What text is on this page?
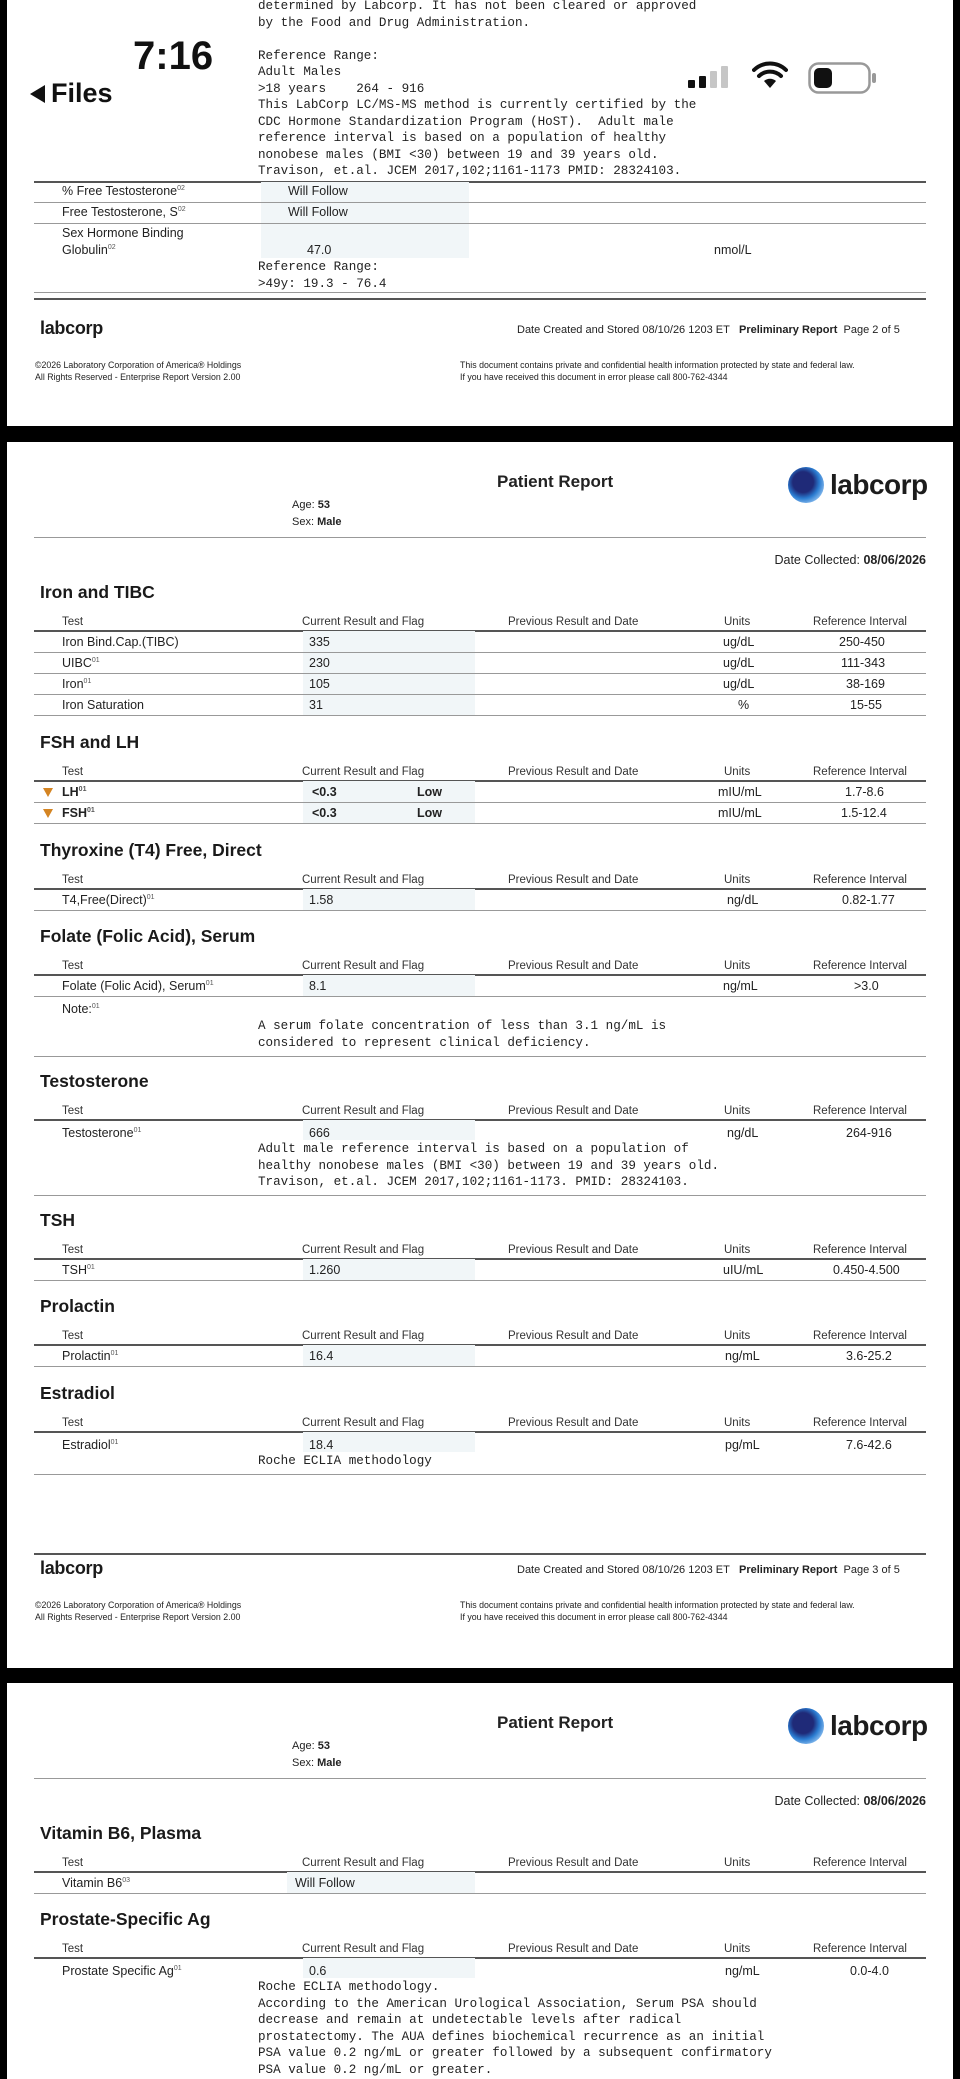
determined by Labcorp. It has not been cleared or approved
by the Food and Drug Administration.

Reference Range:
Adult Males
>18 years    264 - 916
This LabCorp LC/MS-MS method is currently certified by the
CDC Hormone Standardization Program (HoST).  Adult male
reference interval is based on a population of healthy
nonobese males (BMI <30) between 19 and 39 years old.
Travison, et.al. JCEM 2017,102;1161-1173 PMID: 28324103.
% Free Testosterone$^{02}$	Will Follow
Free Testosterone, $S^{02}$	Will Follow
Sex Hormone Binding
Globulin$^{02}$	47.0	nmol/L
Reference Range:
>49y: 19.3 - 76.4
labcorp	Date Created and Stored 08/10/26 1203 ET Preliminary Report Page 2 of 5
©2026 Laboratory Corporation of America® Holdings
All Rights Reserved - Enterprise Report Version 2.00
This document contains private and confidential health information protected by state and federal law.
If you have received this document in error please call 800-762-4344
7:16
Files
Patient Report	labcorp
Age: 53
Sex: Male
Date Collected: 08/06/2026
Iron and TIBC
Test	Current Result and Flag	Previous Result and Date	Units	Reference Interval
Iron Bind.Cap.(TIBC)	335	ug/dL	250-450
UIBC$^{01}$	230	ug/dL	111-343
Iron$^{01}$	105	ug/dL	38-169
Iron Saturation	31	%	15-55
FSH and LH
Test	Current Result and Flag	Previous Result and Date	Units	Reference Interval
$LH^{01}$	<0.3	Low	mIU/mL	1.7-8.6
$FSH^{01}$	<0.3	Low	mIU/mL	1.5-12.4
Thyroxine (T4) Free, Direct
Test	Current Result and Flag	Previous Result and Date	Units	Reference Interval
T4,Free(Direct)$^{01}$	1.58	ng/dL	0.82-1.77
Folate (Folic Acid), Serum
Test	Current Result and Flag	Previous Result and Date	Units	Reference Interval
Folate (Folic Acid), Serum$^{01}$	8.1	ng/mL	>3.0
Note:$^{01}$
A serum folate concentration of less than 3.1 ng/mL is
considered to represent clinical deficiency.
Testosterone
Test	Current Result and Flag	Previous Result and Date	Units	Reference Interval
Testosterone$^{01}$	666	ng/dL	264-916
Adult male reference interval is based on a population of
healthy nonobese males (BMI <30) between 19 and 39 years old.
Travison, et.al. JCEM 2017,102;1161-1173. PMID: 28324103.
TSH
Test	Current Result and Flag	Previous Result and Date	Units	Reference Interval
TSH$^{01}$	1.260	uIU/mL	0.450-4.500
Prolactin
Test	Current Result and Flag	Previous Result and Date	Units	Reference Interval
Prolactin$^{01}$	16.4	ng/mL	3.6-25.2
Estradiol
Test	Current Result and Flag	Previous Result and Date	Units	Reference Interval
Estradiol$^{01}$	18.4	pg/mL	7.6-42.6
Roche ECLIA methodology
labcorp	Date Created and Stored 08/10/26 1203 ET Preliminary Report Page 3 of 5
©2026 Laboratory Corporation of America® Holdings
All Rights Reserved - Enterprise Report Version 2.00
This document contains private and confidential health information protected by state and federal law.
If you have received this document in error please call 800-762-4344
Patient Report	labcorp
Age: 53
Sex: Male
Date Collected: 08/06/2026
Vitamin B6, Plasma
Test	Current Result and Flag	Previous Result and Date	Units	Reference Interval
Vitamin $B6^{03}$	Will Follow
Prostate-Specific Ag
Test	Current Result and Flag	Previous Result and Date	Units	Reference Interval
Prostate Specific Ag$^{01}$	0.6	ng/mL	0.0-4.0
Roche ECLIA methodology.
According to the American Urological Association, Serum PSA should
decrease and remain at undetectable levels after radical
prostatectomy. The AUA defines biochemical recurrence as an initial
PSA value 0.2 ng/mL or greater followed by a subsequent confirmatory
PSA value 0.2 ng/mL or greater.
